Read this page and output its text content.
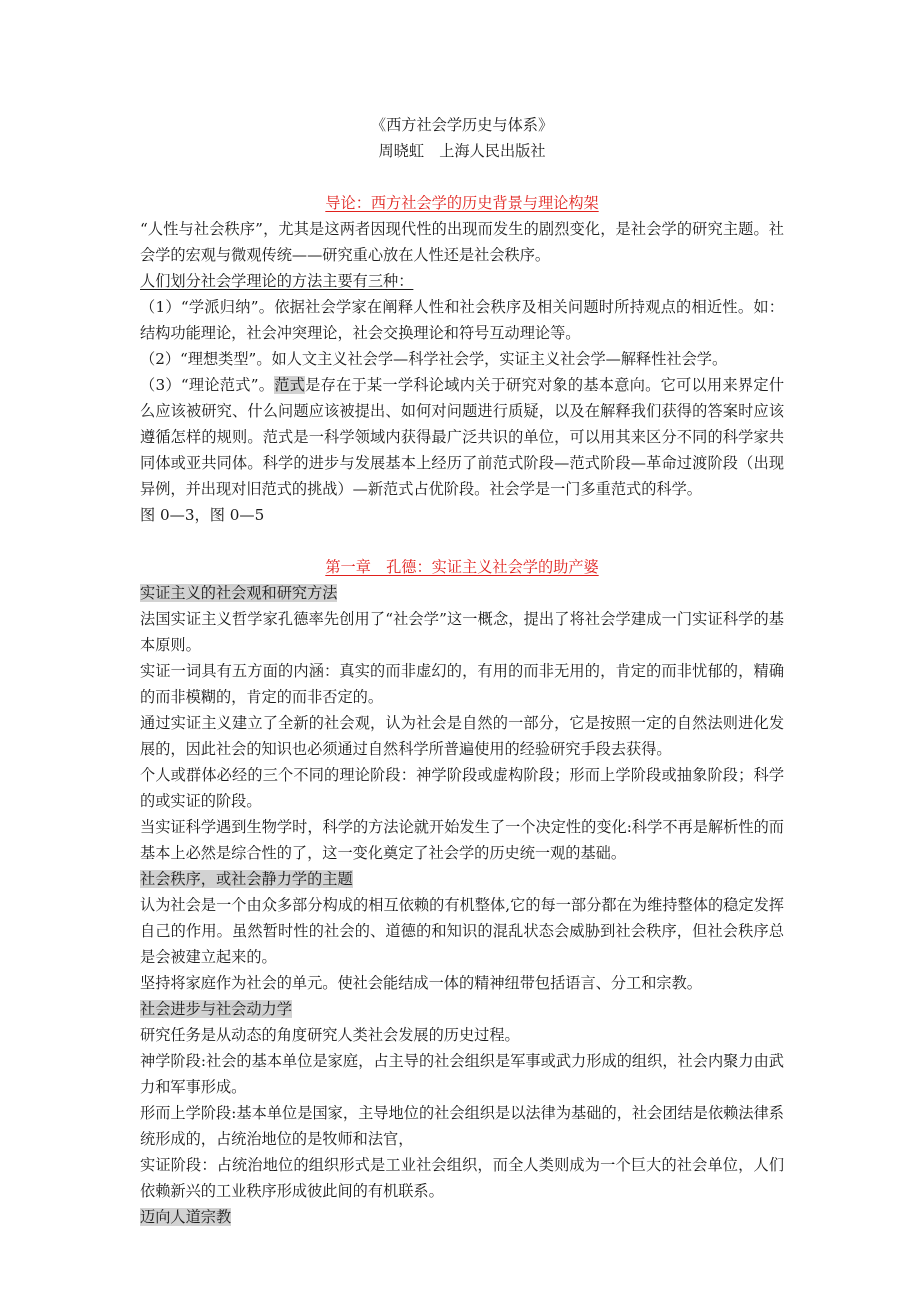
《西方社会学历史与体系》
周晓虹　上海人民出版社
导论：西方社会学的历史背景与理论构架

“人性与社会秩序”，尤其是这两者因现代性的出现而发生的剧烈变化，是社会学的研究主题。社会学的宏观与微观传统——研究重心放在人性还是社会秩序。

人们划分社会学理论的方法主要有三种：

（1）“学派归纳”。依据社会学家在阐释人性和社会秩序及相关问题时所持观点的相近性。如：结构功能理论，社会冲突理论，社会交换理论和符号互动理论等。

（2）“理想类型”。如人文主义社会学—科学社会学，实证主义社会学—解释性社会学。

（3）“理论范式”。范式是存在于某一学科论域内关于研究对象的基本意向。它可以用来界定什么应该被研究、什么问题应该被提出、如何对问题进行质疑，以及在解释我们获得的答案时应该遵循怎样的规则。范式是一科学领域内获得最广泛共识的单位，可以用其来区分不同的科学家共同体或亚共同体。科学的进步与发展基本上经历了前范式阶段—范式阶段—革命过渡阶段（出现异例，并出现对旧范式的挑战）—新范式占优阶段。社会学是一门多重范式的科学。

图 0—3，图 0—5

第一章　孔德：实证主义社会学的助产婆

实证主义的社会观和研究方法

法国实证主义哲学家孔德率先创用了“社会学”这一概念，提出了将社会学建成一门实证科学的基本原则。

实证一词具有五方面的内涵：真实的而非虚幻的，有用的而非无用的，肯定的而非忧郁的，精确的而非模糊的，肯定的而非否定的。

通过实证主义建立了全新的社会观，认为社会是自然的一部分，它是按照一定的自然法则进化发展的，因此社会的知识也必须通过自然科学所普遍使用的经验研究手段去获得。

个人或群体必经的三个不同的理论阶段：神学阶段或虚构阶段；形而上学阶段或抽象阶段；科学的或实证的阶段。

当实证科学遇到生物学时，科学的方法论就开始发生了一个决定性的变化:科学不再是解析性的而基本上必然是综合性的了，这一变化奠定了社会学的历史统一观的基础。

社会秩序，或社会静力学的主题

认为社会是一个由众多部分构成的相互依赖的有机整体,它的每一部分都在为维持整体的稳定发挥自己的作用。虽然暂时性的社会的、道德的和知识的混乱状态会威胁到社会秩序，但社会秩序总是会被建立起来的。

坚持将家庭作为社会的单元。使社会能结成一体的精神纽带包括语言、分工和宗教。

社会进步与社会动力学

研究任务是从动态的角度研究人类社会发展的历史过程。

神学阶段:社会的基本单位是家庭，占主导的社会组织是军事或武力形成的组织，社会内聚力由武力和军事形成。

形而上学阶段:基本单位是国家，主导地位的社会组织是以法律为基础的，社会团结是依赖法律系统形成的，占统治地位的是牧师和法官，

实证阶段：占统治地位的组织形式是工业社会组织，而全人类则成为一个巨大的社会单位，人们依赖新兴的工业秩序形成彼此间的有机联系。

迈向人道宗教
